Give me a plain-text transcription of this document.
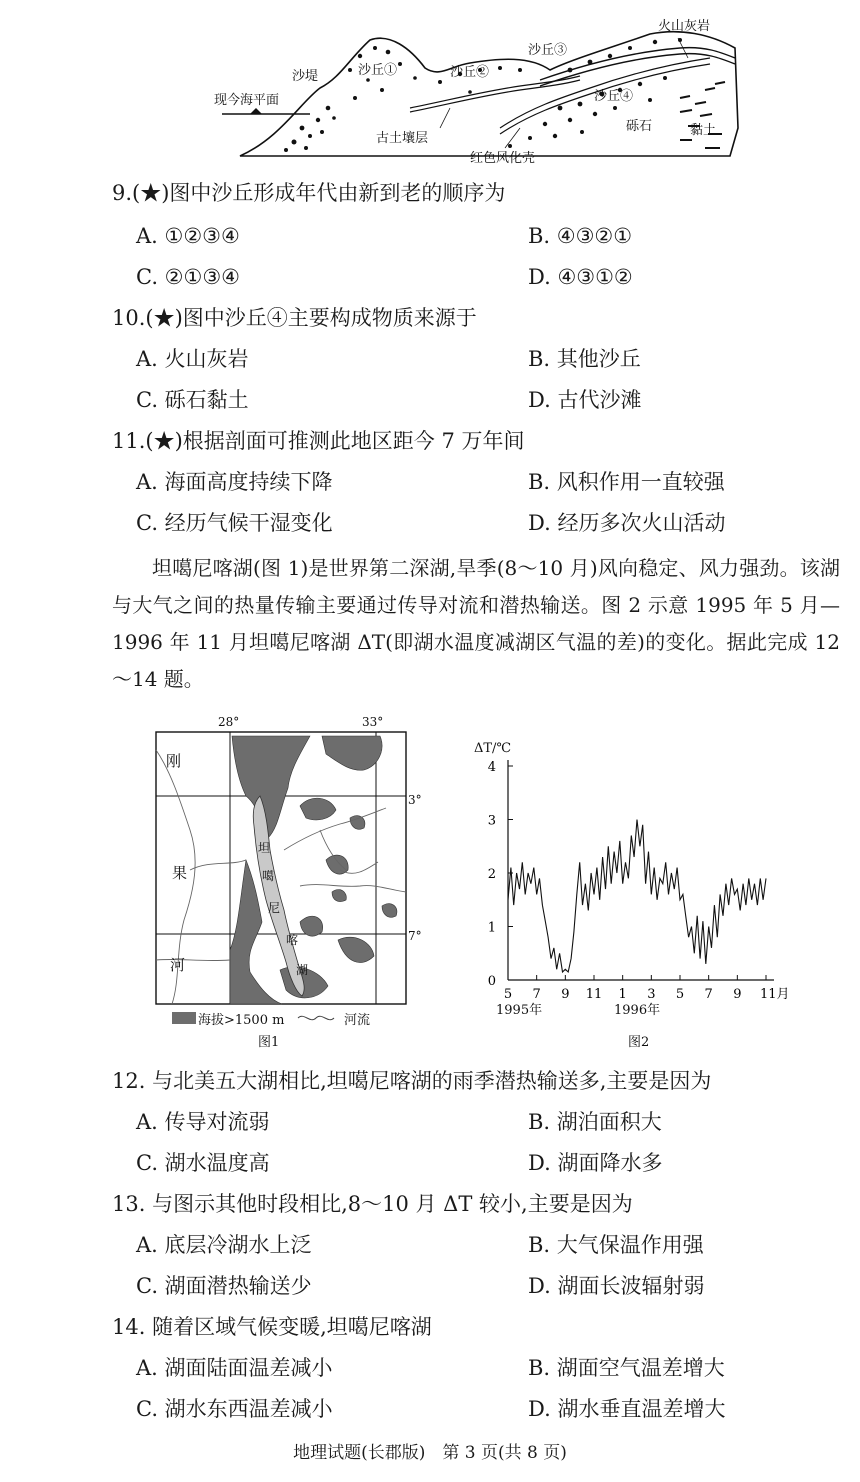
现今海平面
沙堤	沙丘①	沙丘②
沙丘③
沙丘④
火山灰岩
古土壤层
红色风化壳
砾石	黏土
9.(★)图中沙丘形成年代由新到老的顺序为
A. ①②③④	B. ④③②①
C. ②①③④	D. ④③①②
10.(★)图中沙丘④主要构成物质来源于
A. 火山灰岩	B. 其他沙丘
C. 砾石黏土	D. 古代沙滩
11.(★)根据剖面可推测此地区距今 7 万年间
A. 海面高度持续下降	B. 风积作用一直较强
C. 经历气候干湿变化	D. 经历多次火山活动

坦噶尼喀湖(图 1)是世界第二深湖,旱季(8～10 月)风向稳定、风力强劲。该湖与大气之间的热量传输主要通过传导对流和潜热输送。图 2 示意 1995 年 5 月—1996 年 11 月坦噶尼喀湖 ΔT(即湖水温度减湖区气温的差)的变化。据此完成 12～14 题。

28°	33°
3°
7°
刚
果
河
坦
噶
尼
喀
湖
海拔>1500 m	河流
图1
ΔT/℃
0
1
2
3
4
5 7 9 11 1 3 5 7 9 11月
1995年	1996年
图2
12. 与北美五大湖相比,坦噶尼喀湖的雨季潜热输送多,主要是因为
A. 传导对流弱	B. 湖泊面积大
C. 湖水温度高	D. 湖面降水多
13. 与图示其他时段相比,8～10 月 ΔT 较小,主要是因为
A. 底层冷湖水上泛	B. 大气保温作用强
C. 湖面潜热输送少	D. 湖面长波辐射弱
14. 随着区域气候变暖,坦噶尼喀湖
A. 湖面陆面温差减小	B. 湖面空气温差增大
C. 湖水东西温差减小	D. 湖水垂直温差增大
地理试题(长郡版)　第 3 页(共 8 页)
